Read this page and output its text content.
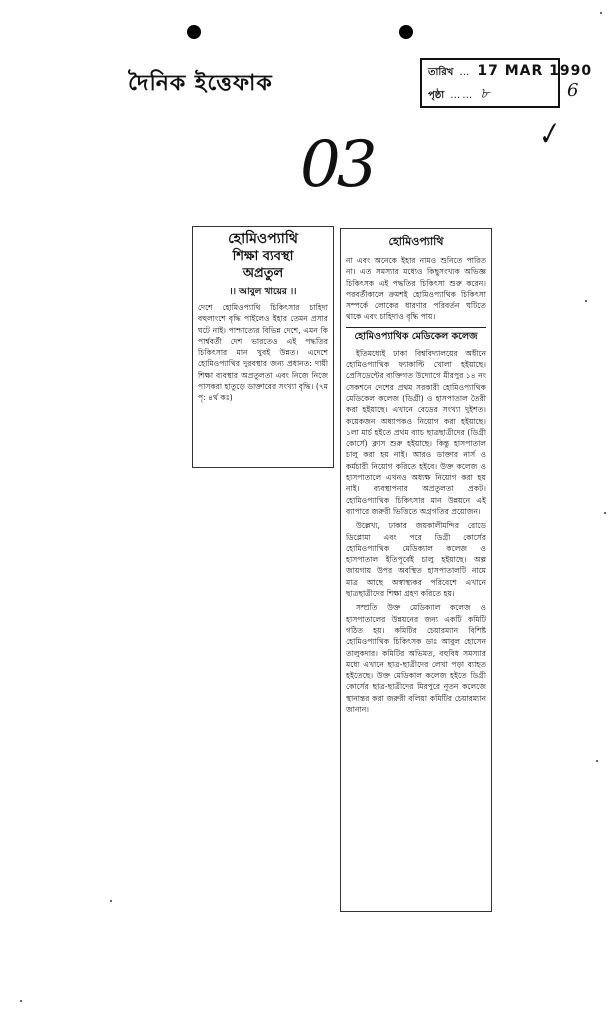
দৈনিক ইত্তেফাক	তারিখ … 17 MAR 1990
পৃষ্ঠা …… ৮	6
03	✓
হোমিওপ্যাথি
শিক্ষা ব্যবস্থা
অপ্রতুল
।। আবুল খায়ের ।।

দেশে হোমিওপ্যাথি চিকিৎসার চাহিদা বহুলাংশে বৃদ্ধি পাইলেও ইহার তেমন প্রসার ঘটে নাই। পাশ্চাত্যের বিভিন্ন দেশে, এমন কি পার্শ্ববর্তী দেশ ভারতেও এই পদ্ধতির চিকিৎসার মান খুবই উন্নত। এদেশে হোমিওপ্যাথির দুরবস্থার জন্য প্রধানত: দায়ী শিক্ষা ব্যবস্থার অপ্রতুলতা এবং নিজে নিজে পাসকরা হাতুড়ে ডাক্তারের সংখ্যা বৃদ্ধি। (৭ম পৃ: ৪র্থ কঃ)

হোমিওপ্যাথি

না এবং অনেকে ইহার নামও শুনিতে পারিত না। এত সমস্যার মধ্যেও কিছুসংখ্যক অভিজ্ঞ চিকিৎসক এই পদ্ধতির চিকিৎসা শুরু করেন। পরবর্তীকালে ক্রমশই হোমিওপ্যাথিক চিকিৎসা সম্পর্কে লোকের ধারণার পরিবর্তন ঘটিতে থাকে এবং চাহিদাও বৃদ্ধি পায়।

হোমিওপ্যাথিক মেডিকেল কলেজ

ইতিমধ্যেই ঢাকা বিশ্ববিদ্যালয়ের অধীনে হোমিওপ্যাথিক ফ্যাকাল্টি খোলা হইয়াছে। প্রেসিডেন্টের ব্যক্তিগত উদ্যোগে মীরপুর ১৪ নং সেকশনে দেশের প্রথম সরকারী হোমিওপ্যাথিক মেডিকেল কলেজ (ডিগ্রী) ও হাসপাতাল তৈরী করা হইয়াছে। এখানে বেডের সংখ্যা দুইশত। কয়েকজন অধ্যাপকও নিয়োগ করা হইয়াছে। ১লা মার্চ হইতে প্রথম ব্যাচ ছাত্রছাত্রীদের (ডিগ্রী কোর্সে) ক্লাস শুরু হইয়াছে। কিন্তু হাসপাতাল চালু করা হয় নাই। আরও ডাক্তার নার্স ও কর্মচারী নিয়োগ করিতে হইবে। উক্ত কলেজ ও হাসপাতালে এখনও অধ্যক্ষ নিয়োগ করা হয় নাই। ব্যবস্থাপনার অপ্রতুলতা প্রকট। হোমিওপ্যাথিক চিকিৎসার মান উন্নয়নে এই ব্যাপারে জরুরী ভিত্তিতে অগ্রগতির প্রয়োজন।

উল্লেখ্য, ঢাকার জয়কালীমন্দির রোডে ডিপ্লোমা এবং পরে ডিগ্রী কোর্সের হোমিওপ্যাথিক মেডিক্যাল কলেজ ও হাসপাতাল ইতিপূর্বেই চালু হইয়াছে। অল্প জায়গায় উপর অবস্থিত হাসপাতালটি নামে মাত্র আছে অস্বাস্থ্যকর পরিবেশে এখানে ছাত্রছাত্রীদের শিক্ষা গ্রহণ করিতে হয়।

সম্প্রতি উক্ত মেডিক্যাল কলেজ ও হাসপাতালের উন্নয়নের জন্য একটি কমিটি গঠিত হয়। কমিটির চেয়ারম্যান বিশিষ্ট হোমিওপ্যাথিক চিকিৎসক ডাঃ আবুল হোসেন তালুকদার। কমিটির অভিমত, বহুবিধ সমস্যার মধ্যে এখানে ছাত্র-ছাত্রীদের লেখা পড়া ব্যাহত হইতেছে। উক্ত মেডিকাল কলেজ হইতে ডিগ্রী কোর্সের ছাত্র-ছাত্রীদের মিরপুরে নূতন কলেজে স্থানান্তর করা জরুরী বলিয়া কমিটির চেয়ারম্যান জানান।
